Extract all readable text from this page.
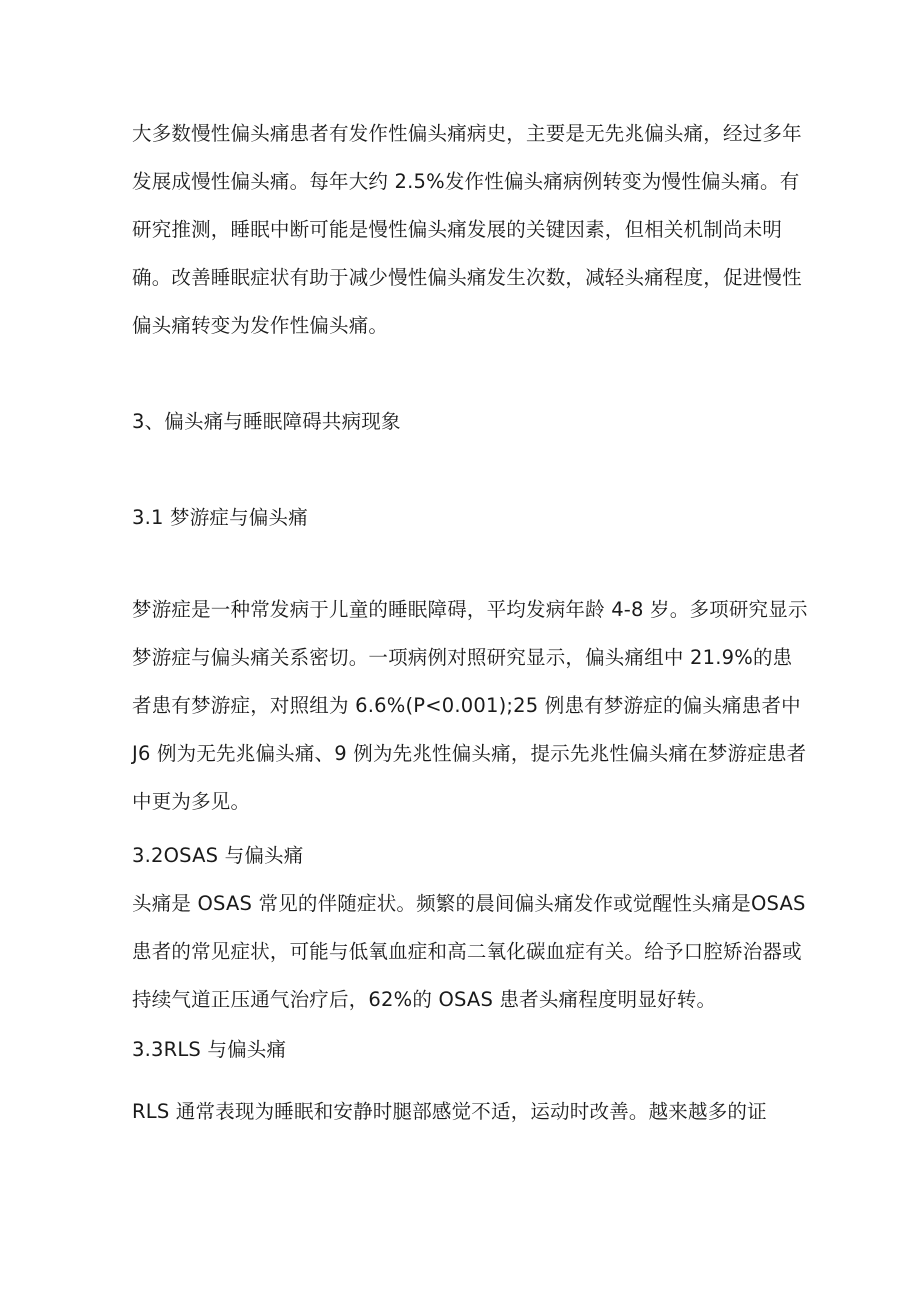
大多数慢性偏头痛患者有发作性偏头痛病史，主要是无先兆偏头痛，经过多年发展成慢性偏头痛。每年大约 2.5%发作性偏头痛病例转变为慢性偏头痛。有研究推测，睡眠中断可能是慢性偏头痛发展的关键因素，但相关机制尚未明确。改善睡眠症状有助于减少慢性偏头痛发生次数，减轻头痛程度，促进慢性偏头痛转变为发作性偏头痛。
3、偏头痛与睡眠障碍共病现象
3.1 梦游症与偏头痛
梦游症是一种常发病于儿童的睡眠障碍，平均发病年龄 4-8 岁。多项研究显示梦游症与偏头痛关系密切。一项病例对照研究显示，偏头痛组中 21.9%的患者患有梦游症，对照组为 6.6%(P<0.001);25 例患有梦游症的偏头痛患者中 J6 例为无先兆偏头痛、9 例为先兆性偏头痛，提示先兆性偏头痛在梦游症患者中更为多见。
3.2OSAS 与偏头痛
头痛是 OSAS 常见的伴随症状。频繁的晨间偏头痛发作或觉醒性头痛是OSAS 患者的常见症状，可能与低氧血症和高二氧化碳血症有关。给予口腔矫治器或持续气道正压通气治疗后，62%的 OSAS 患者头痛程度明显好转。
3.3RLS 与偏头痛
RLS 通常表现为睡眠和安静时腿部感觉不适，运动时改善。越来越多的证
